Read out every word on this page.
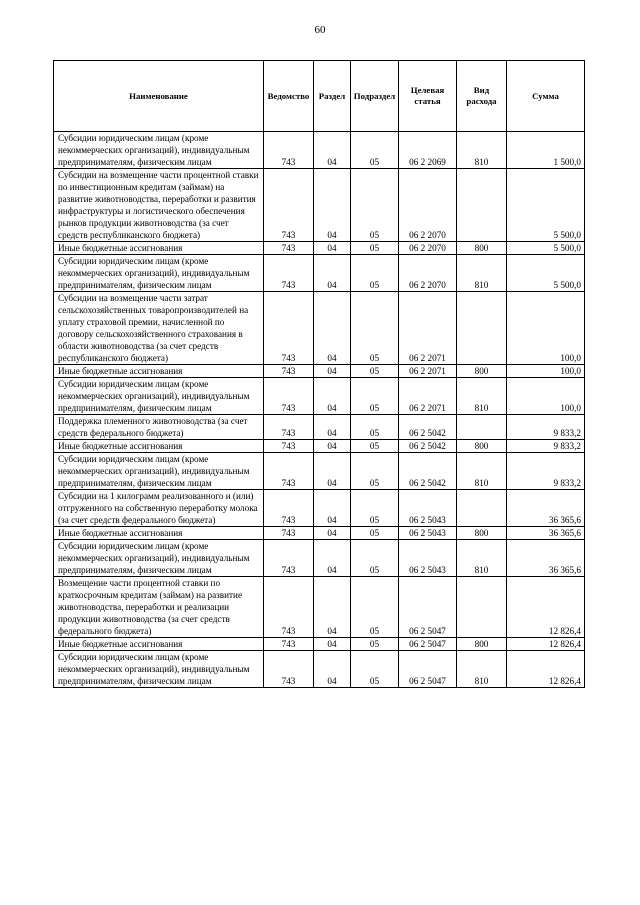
60
Наименование	Ведомство	Раздел	Подраздел	Целевая статья	Вид расхода	Сумма
Субсидии юридическим лицам (кроме некоммерческих организаций), индивидуальным предпринимателям, физическим лицам	743	04	05	06 2 2069	810	1 500,0
Субсидии на возмещение части процентной ставки по инвестиционным кредитам (займам) на развитие животноводства, переработки и развития инфраструктуры и логистического обеспечения рынков продукции животноводства (за счет средств республиканского бюджета)	743	04	05	06 2 2070		5 500,0
Иные бюджетные ассигнования	743	04	05	06 2 2070	800	5 500,0
Субсидии юридическим лицам (кроме некоммерческих организаций), индивидуальным предпринимателям, физическим лицам	743	04	05	06 2 2070	810	5 500,0
Субсидии на возмещение части затрат сельскохозяйственных товаропроизводителей на уплату страховой премии, начисленной по договору сельскохозяйственного страхования в области животноводства (за счет средств республиканского бюджета)	743	04	05	06 2 2071		100,0
Иные бюджетные ассигнования	743	04	05	06 2 2071	800	100,0
Субсидии юридическим лицам (кроме некоммерческих организаций), индивидуальным предпринимателям, физическим лицам	743	04	05	06 2 2071	810	100,0
Поддержка племенного животноводства (за счет средств федерального бюджета)	743	04	05	06 2 5042		9 833,2
Иные бюджетные ассигнования	743	04	05	06 2 5042	800	9 833,2
Субсидии юридическим лицам (кроме некоммерческих организаций), индивидуальным предпринимателям, физическим лицам	743	04	05	06 2 5042	810	9 833,2
Субсидии на 1 килограмм реализованного и (или) отгруженного на собственную переработку молока (за счет средств федерального бюджета)	743	04	05	06 2 5043		36 365,6
Иные бюджетные ассигнования	743	04	05	06 2 5043	800	36 365,6
Субсидии юридическим лицам (кроме некоммерческих организаций), индивидуальным предпринимателям, физическим лицам	743	04	05	06 2 5043	810	36 365,6
Возмещение части процентной ставки по краткосрочным кредитам (займам) на развитие животноводства, переработки и реализации продукции животноводства (за счет средств федерального бюджета)	743	04	05	06 2 5047		12 826,4
Иные бюджетные ассигнования	743	04	05	06 2 5047	800	12 826,4
Субсидии юридическим лицам (кроме некоммерческих организаций), индивидуальным предпринимателям, физическим лицам	743	04	05	06 2 5047	810	12 826,4
